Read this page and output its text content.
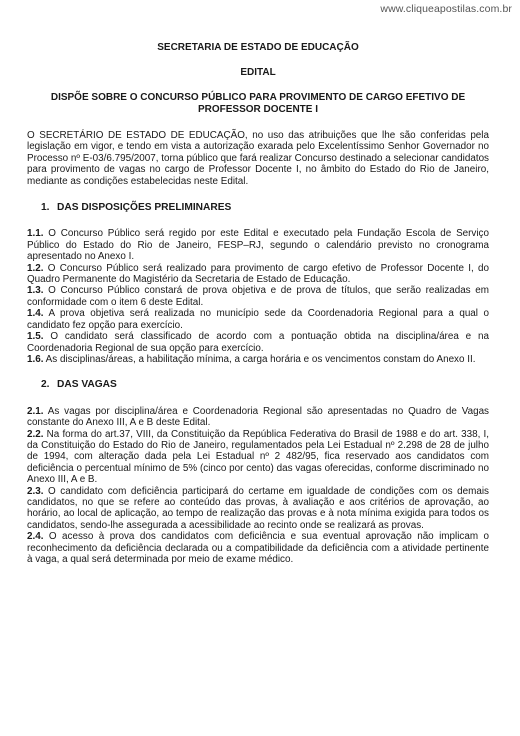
www.cliqueapostilas.com.br
SECRETARIA DE ESTADO DE EDUCAÇÃO
EDITAL
DISPÕE SOBRE O CONCURSO PÚBLICO PARA PROVIMENTO DE CARGO EFETIVO DE PROFESSOR DOCENTE I

O SECRETÁRIO DE ESTADO DE EDUCAÇÃO, no uso das atribuições que lhe são conferidas pela legislação em vigor, e tendo em vista a autorização exarada pelo Excelentíssimo Senhor Governador no Processo nº E-03/6.795/2007, torna público que fará realizar Concurso destinado a selecionar candidatos para provimento de vagas no cargo de Professor Docente I, no âmbito do Estado do Rio de Janeiro, mediante as condições estabelecidas neste Edital.

1. DAS DISPOSIÇÕES PRELIMINARES

1.1. O Concurso Público será regido por este Edital e executado pela Fundação Escola de Serviço Público do Estado do Rio de Janeiro, FESP–RJ, segundo o calendário previsto no cronograma apresentado no Anexo I.

1.2. O Concurso Público será realizado para provimento de cargo efetivo de Professor Docente I, do Quadro Permanente do Magistério da Secretaria de Estado de Educação.

1.3. O Concurso Público constará de prova objetiva e de prova de títulos, que serão realizadas em conformidade com o item 6 deste Edital.

1.4. A prova objetiva será realizada no município sede da Coordenadoria Regional para a qual o candidato fez opção para exercício.

1.5. O candidato será classificado de acordo com a pontuação obtida na disciplina/área e na Coordenadoria Regional de sua opção para exercício.

1.6. As disciplinas/áreas, a habilitação mínima, a carga horária e os vencimentos constam do Anexo II.

2. DAS VAGAS

2.1. As vagas por disciplina/área e Coordenadoria Regional são apresentadas no Quadro de Vagas constante do Anexo III, A e B deste Edital.

2.2. Na forma do art.37, VIII, da Constituição da República Federativa do Brasil de 1988 e do art. 338, I, da Constituição do Estado do Rio de Janeiro, regulamentados pela Lei Estadual nº 2.298 de 28 de julho de 1994, com alteração dada pela Lei Estadual nº 2 482/95, fica reservado aos candidatos com deficiência o percentual mínimo de 5% (cinco por cento) das vagas oferecidas, conforme discriminado no Anexo III, A e B.

2.3. O candidato com deficiência participará do certame em igualdade de condições com os demais candidatos, no que se refere ao conteúdo das provas, à avaliação e aos critérios de aprovação, ao horário, ao local de aplicação, ao tempo de realização das provas e à nota mínima exigida para todos os candidatos, sendo-lhe assegurada a acessibilidade ao recinto onde se realizará as provas.

2.4. O acesso à prova dos candidatos com deficiência e sua eventual aprovação não implicam o reconhecimento da deficiência declarada ou a compatibilidade da deficiência com a atividade pertinente à vaga, a qual será determinada por meio de exame médico.
